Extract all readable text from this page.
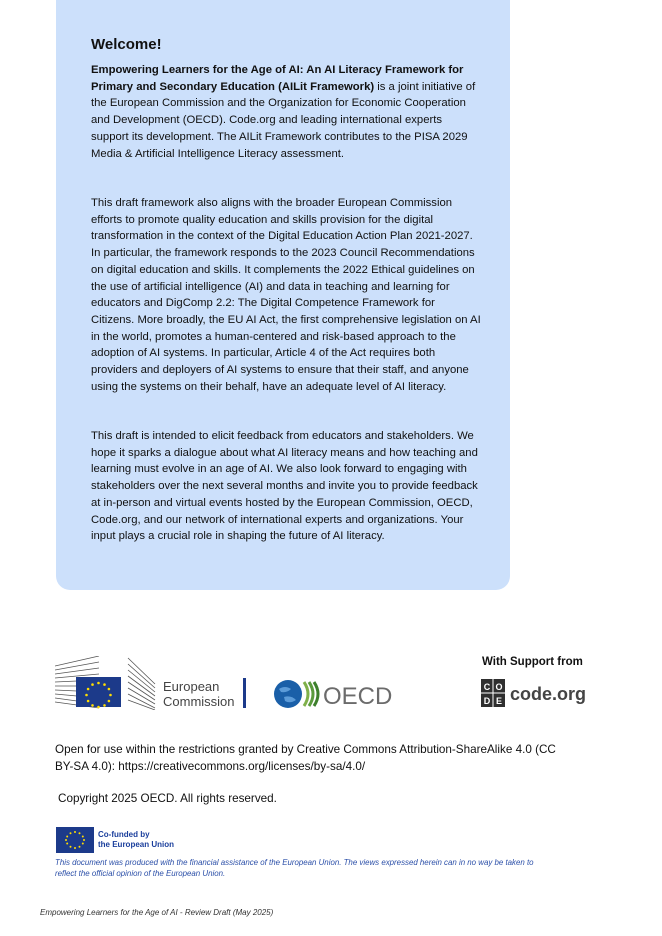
Welcome!

Empowering Learners for the Age of AI: An AI Literacy Framework for Primary and Secondary Education (AILit Framework) is a joint initiative of the European Commission and the Organization for Economic Cooperation and Development (OECD). Code.org and leading international experts support its development. The AILit Framework contributes to the PISA 2029 Media & Artificial Intelligence Literacy assessment.

This draft framework also aligns with the broader European Commission efforts to promote quality education and skills provision for the digital transformation in the context of the Digital Education Action Plan 2021-2027. In particular, the framework responds to the 2023 Council Recommendations on digital education and skills. It complements the 2022 Ethical guidelines on the use of artificial intelligence (AI) and data in teaching and learning for educators and DigComp 2.2: The Digital Competence Framework for Citizens. More broadly, the EU AI Act, the first comprehensive legislation on AI in the world, promotes a human-centered and risk-based approach to the adoption of AI systems. In particular, Article 4 of the Act requires both providers and deployers of AI systems to ensure that their staff, and anyone using the systems on their behalf, have an adequate level of AI literacy.

This draft is intended to elicit feedback from educators and stakeholders. We hope it sparks a dialogue about what AI literacy means and how teaching and learning must evolve in an age of AI. We also look forward to engaging with stakeholders over the next several months and invite you to provide feedback at in-person and virtual events hosted by the European Commission, OECD, Code.org, and our network of international experts and organizations. Your input plays a crucial role in shaping the future of AI literacy.

European
Commission	OECD
With Support from
C O
D E code.org

Open for use within the restrictions granted by Creative Commons Attribution-ShareAlike 4.0 (CC BY-SA 4.0): https://creativecommons.org/licenses/by-sa/4.0/

Copyright 2025 OECD. All rights reserved.

Co-funded by
the European Union

This document was produced with the financial assistance of the European Union. The views expressed herein can in no way be taken to reflect the official opinion of the European Union.

Empowering Learners for the Age of AI - Review Draft (May 2025)
